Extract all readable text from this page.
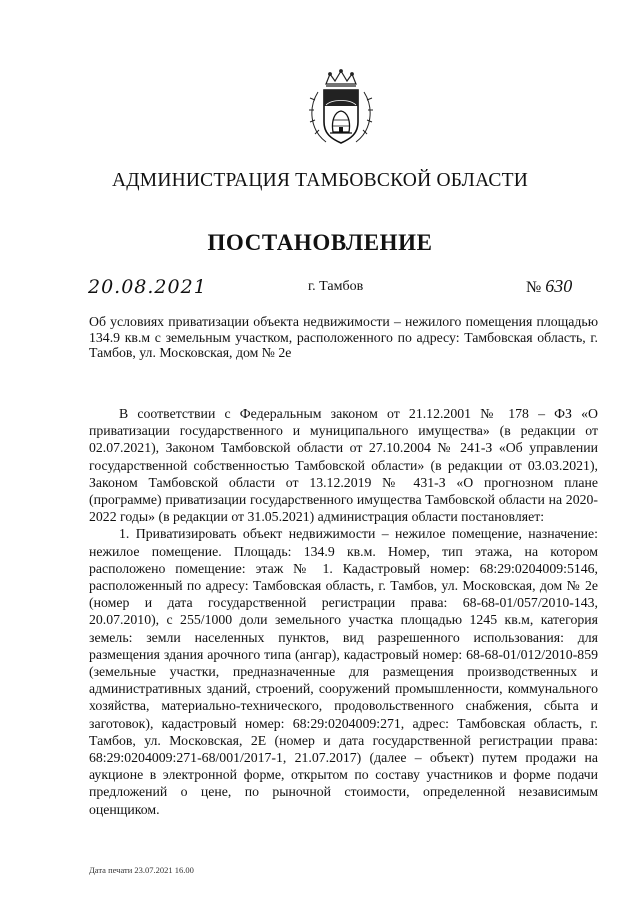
АДМИНИСТРАЦИЯ ТАМБОВСКОЙ ОБЛАСТИ
ПОСТАНОВЛЕНИЕ
20.08.2021	г. Тамбов	№ 630
Об условиях приватизации объекта недвижимости – нежилого помещения площадью 134.9 кв.м с земельным участком, расположенного по адресу: Тамбовская область, г. Тамбов, ул. Московская, дом № 2е

В соответствии с Федеральным законом от 21.12.2001 № 178 – ФЗ «О приватизации государственного и муниципального имущества» (в редакции от 02.07.2021), Законом Тамбовской области от 27.10.2004 № 241-З «Об управлении государственной собственностью Тамбовской области» (в редакции от 03.03.2021), Законом Тамбовской области от 13.12.2019 № 431-З «О прогнозном плане (программе) приватизации государственного имущества Тамбовской области на 2020-2022 годы» (в редакции от 31.05.2021) администрация области постановляет:

1. Приватизировать объект недвижимости – нежилое помещение, назначение: нежилое помещение. Площадь: 134.9 кв.м. Номер, тип этажа, на котором расположено помещение: этаж № 1. Кадастровый номер: 68:29:0204009:5146, расположенный по адресу: Тамбовская область, г. Тамбов, ул. Московская, дом № 2е (номер и дата государственной регистрации права: 68-68-01/057/2010-143, 20.07.2010), с 255/1000 доли земельного участка площадью 1245 кв.м, категория земель: земли населенных пунктов, вид разрешенного использования: для размещения здания арочного типа (ангар), кадастровый номер: 68-68-01/012/2010-859 (земельные участки, предназначенные для размещения производственных и административных зданий, строений, сооружений промышленности, коммунального хозяйства, материально-технического, продовольственного снабжения, сбыта и заготовок), кадастровый номер: 68:29:0204009:271, адрес: Тамбовская область, г. Тамбов, ул. Московская, 2Е (номер и дата государственной регистрации права: 68:29:0204009:271-68/001/2017-1, 21.07.2017) (далее – объект) путем продажи на аукционе в электронной форме, открытом по составу участников и форме подачи предложений о цене, по рыночной стоимости, определенной независимым оценщиком.

Дата печати 23.07.2021 16.00
